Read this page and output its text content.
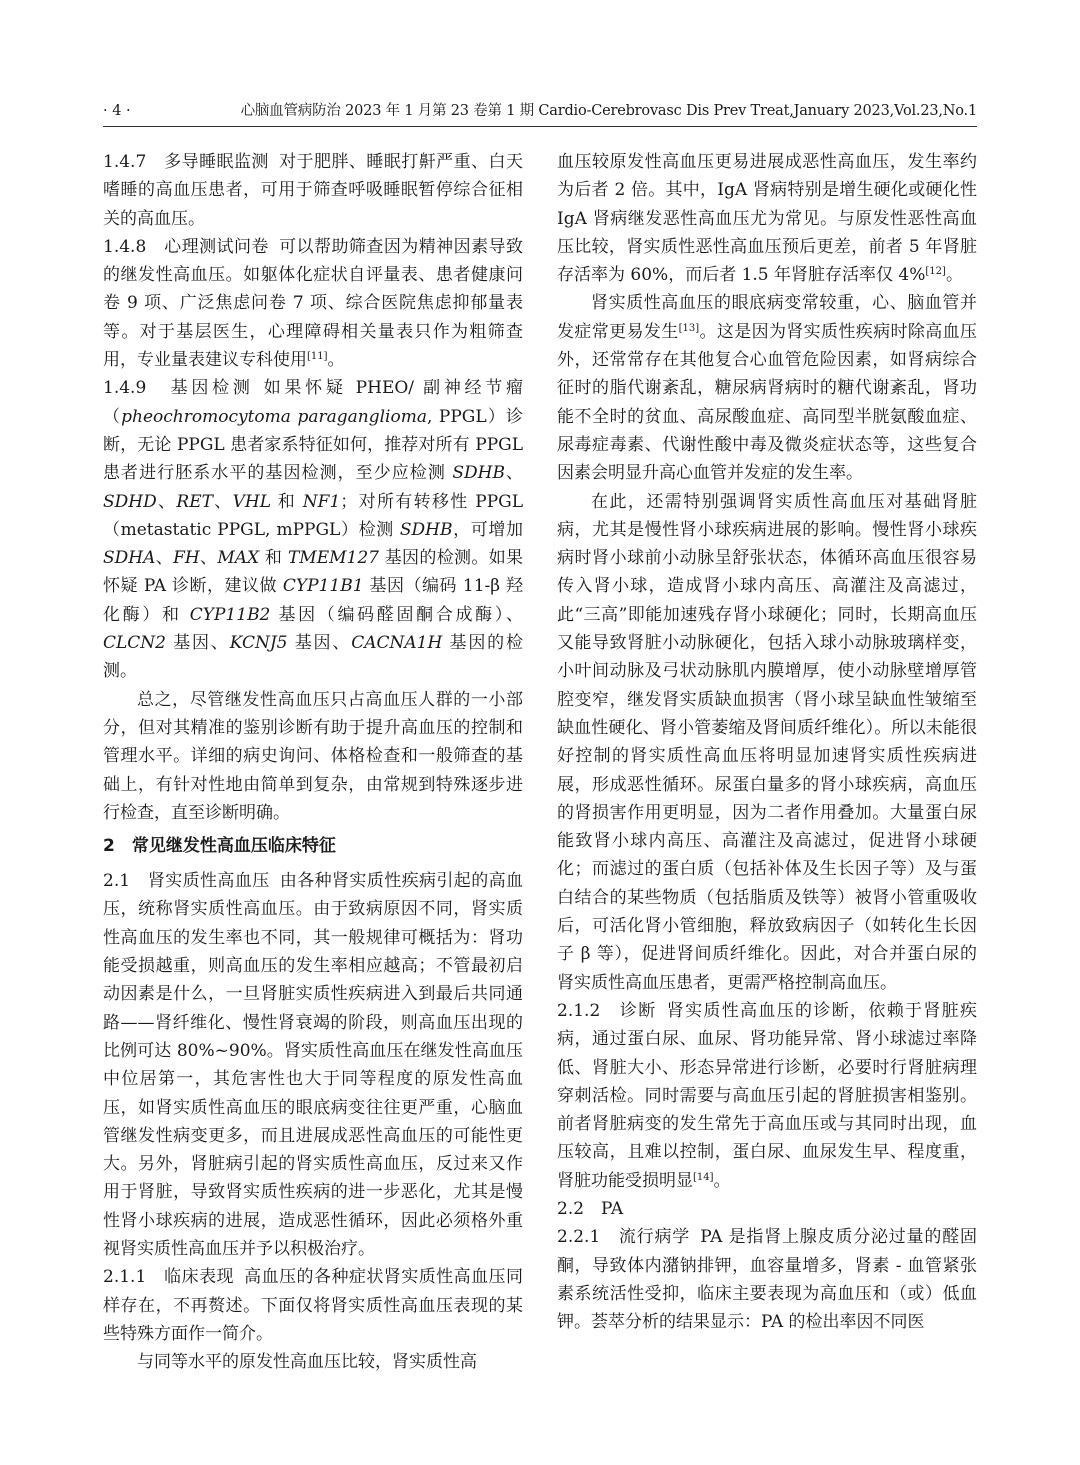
· 4 ·	心脑血管病防治 2023 年 1 月第 23 卷第 1 期 Cardio-Cerebrovasc Dis Prev Treat,January 2023,Vol.23,No.1

1.4.7　多导睡眠监测 对于肥胖、睡眠打鼾严重、白天嗜睡的高血压患者，可用于筛查呼吸睡眠暂停综合征相关的高血压。

1.4.8　心理测试问卷 可以帮助筛查因为精神因素导致的继发性高血压。如躯体化症状自评量表、患者健康问卷 9 项、广泛焦虑问卷 7 项、综合医院焦虑抑郁量表等。对于基层医生，心理障碍相关量表只作为粗筛查用，专业量表建议专科使用[11]。

1.4.9　基因检测 如果怀疑 PHEO/ 副神经节瘤（pheochromocytoma paraganglioma, PPGL）诊断，无论 PPGL 患者家系特征如何，推荐对所有 PPGL 患者进行胚系水平的基因检测，至少应检测 SDHB、SDHD、RET、VHL 和 NF1；对所有转移性 PPGL（metastatic PPGL, mPPGL）检测 SDHB，可增加 SDHA、FH、MAX 和 TMEM127 基因的检测。如果怀疑 PA 诊断，建议做 CYP11B1 基因（编码 11-β 羟化酶）和 CYP11B2 基因（编码醛固酮合成酶）、CLCN2 基因、KCNJ5 基因、CACNA1H 基因的检测。

总之，尽管继发性高血压只占高血压人群的一小部分，但对其精准的鉴别诊断有助于提升高血压的控制和管理水平。详细的病史询问、体格检查和一般筛查的基础上，有针对性地由简单到复杂，由常规到特殊逐步进行检查，直至诊断明确。

2　常见继发性高血压临床特征

2.1　肾实质性高血压 由各种肾实质性疾病引起的高血压，统称肾实质性高血压。由于致病原因不同，肾实质性高血压的发生率也不同，其一般规律可概括为：肾功能受损越重，则高血压的发生率相应越高；不管最初启动因素是什么，一旦肾脏实质性疾病进入到最后共同通路——肾纤维化、慢性肾衰竭的阶段，则高血压出现的比例可达 80%~90%。肾实质性高血压在继发性高血压中位居第一，其危害性也大于同等程度的原发性高血压，如肾实质性高血压的眼底病变往往更严重，心脑血管继发性病变更多，而且进展成恶性高血压的可能性更大。另外，肾脏病引起的肾实质性高血压，反过来又作用于肾脏，导致肾实质性疾病的进一步恶化，尤其是慢性肾小球疾病的进展，造成恶性循环，因此必须格外重视肾实质性高血压并予以积极治疗。

2.1.1　临床表现 高血压的各种症状肾实质性高血压同样存在，不再赘述。下面仅将肾实质性高血压表现的某些特殊方面作一简介。

与同等水平的原发性高血压比较，肾实质性高

血压较原发性高血压更易进展成恶性高血压，发生率约为后者 2 倍。其中，IgA 肾病特别是增生硬化或硬化性 IgA 肾病继发恶性高血压尤为常见。与原发性恶性高血压比较，肾实质性恶性高血压预后更差，前者 5 年肾脏存活率为 60%，而后者 1.5 年肾脏存活率仅 4%[12]。

肾实质性高血压的眼底病变常较重，心、脑血管并发症常更易发生[13]。这是因为肾实质性疾病时除高血压外，还常常存在其他复合心血管危险因素，如肾病综合征时的脂代谢紊乱，糖尿病肾病时的糖代谢紊乱，肾功能不全时的贫血、高尿酸血症、高同型半胱氨酸血症、尿毒症毒素、代谢性酸中毒及微炎症状态等，这些复合因素会明显升高心血管并发症的发生率。

在此，还需特别强调肾实质性高血压对基础肾脏病，尤其是慢性肾小球疾病进展的影响。慢性肾小球疾病时肾小球前小动脉呈舒张状态，体循环高血压很容易传入肾小球，造成肾小球内高压、高灌注及高滤过，此“三高”即能加速残存肾小球硬化；同时，长期高血压又能导致肾脏小动脉硬化，包括入球小动脉玻璃样变，小叶间动脉及弓状动脉肌内膜增厚，使小动脉壁增厚管腔变窄，继发肾实质缺血损害（肾小球呈缺血性皱缩至缺血性硬化、肾小管萎缩及肾间质纤维化）。所以未能很好控制的肾实质性高血压将明显加速肾实质性疾病进展，形成恶性循环。尿蛋白量多的肾小球疾病，高血压的肾损害作用更明显，因为二者作用叠加。大量蛋白尿能致肾小球内高压、高灌注及高滤过，促进肾小球硬化；而滤过的蛋白质（包括补体及生长因子等）及与蛋白结合的某些物质（包括脂质及铁等）被肾小管重吸收后，可活化肾小管细胞，释放致病因子（如转化生长因子 β 等），促进肾间质纤维化。因此，对合并蛋白尿的肾实质性高血压患者，更需严格控制高血压。

2.1.2　诊断 肾实质性高血压的诊断，依赖于肾脏疾病，通过蛋白尿、血尿、肾功能异常、肾小球滤过率降低、肾脏大小、形态异常进行诊断，必要时行肾脏病理穿刺活检。同时需要与高血压引起的肾脏损害相鉴别。前者肾脏病变的发生常先于高血压或与其同时出现，血压较高，且难以控制，蛋白尿、血尿发生早、程度重，肾脏功能受损明显[14]。

2.2　PA

2.2.1　流行病学 PA 是指肾上腺皮质分泌过量的醛固酮，导致体内潴钠排钾，血容量增多，肾素 - 血管紧张素系统活性受抑，临床主要表现为高血压和（或）低血钾。荟萃分析的结果显示：PA 的检出率因不同医
